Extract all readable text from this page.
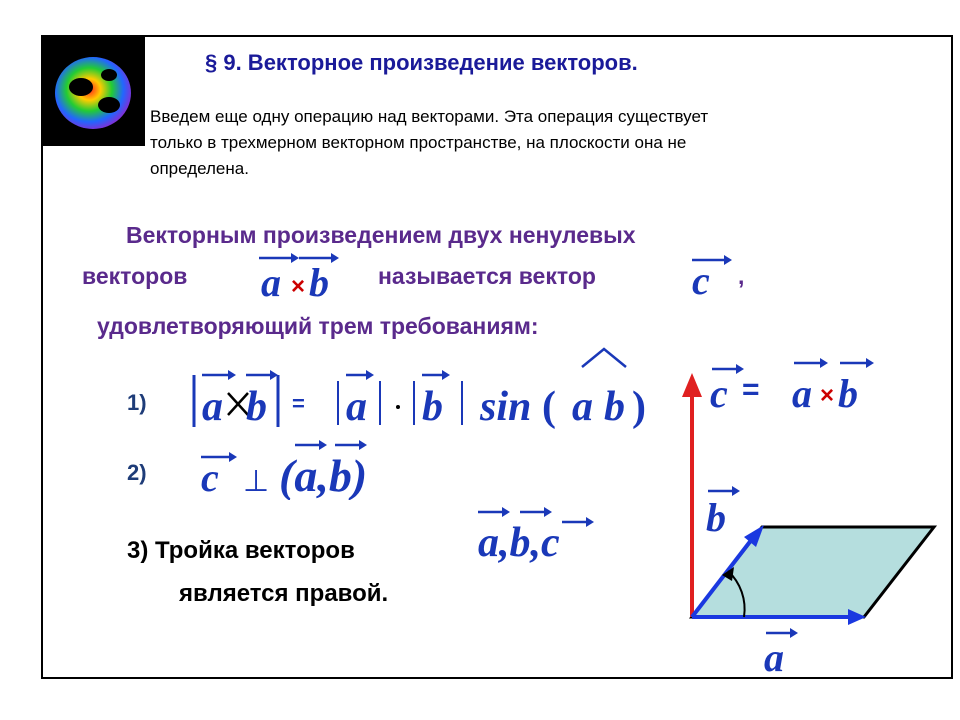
§ 9. Векторное произведение векторов.
Введем еще одну операцию над векторами. Эта операция существует
только в трехмерном векторном пространстве, на плоскости она не
определена.
Векторным произведением двух ненулевых
векторов	называется вектор	,
удовлетворяющий трем требованиям:
a × b	c
1)
2)
3) Тройка векторов
является правой.
a b = a b sin ( a b )
c ⊥ (a,b)
a,b,c
c = a × b
b
a
